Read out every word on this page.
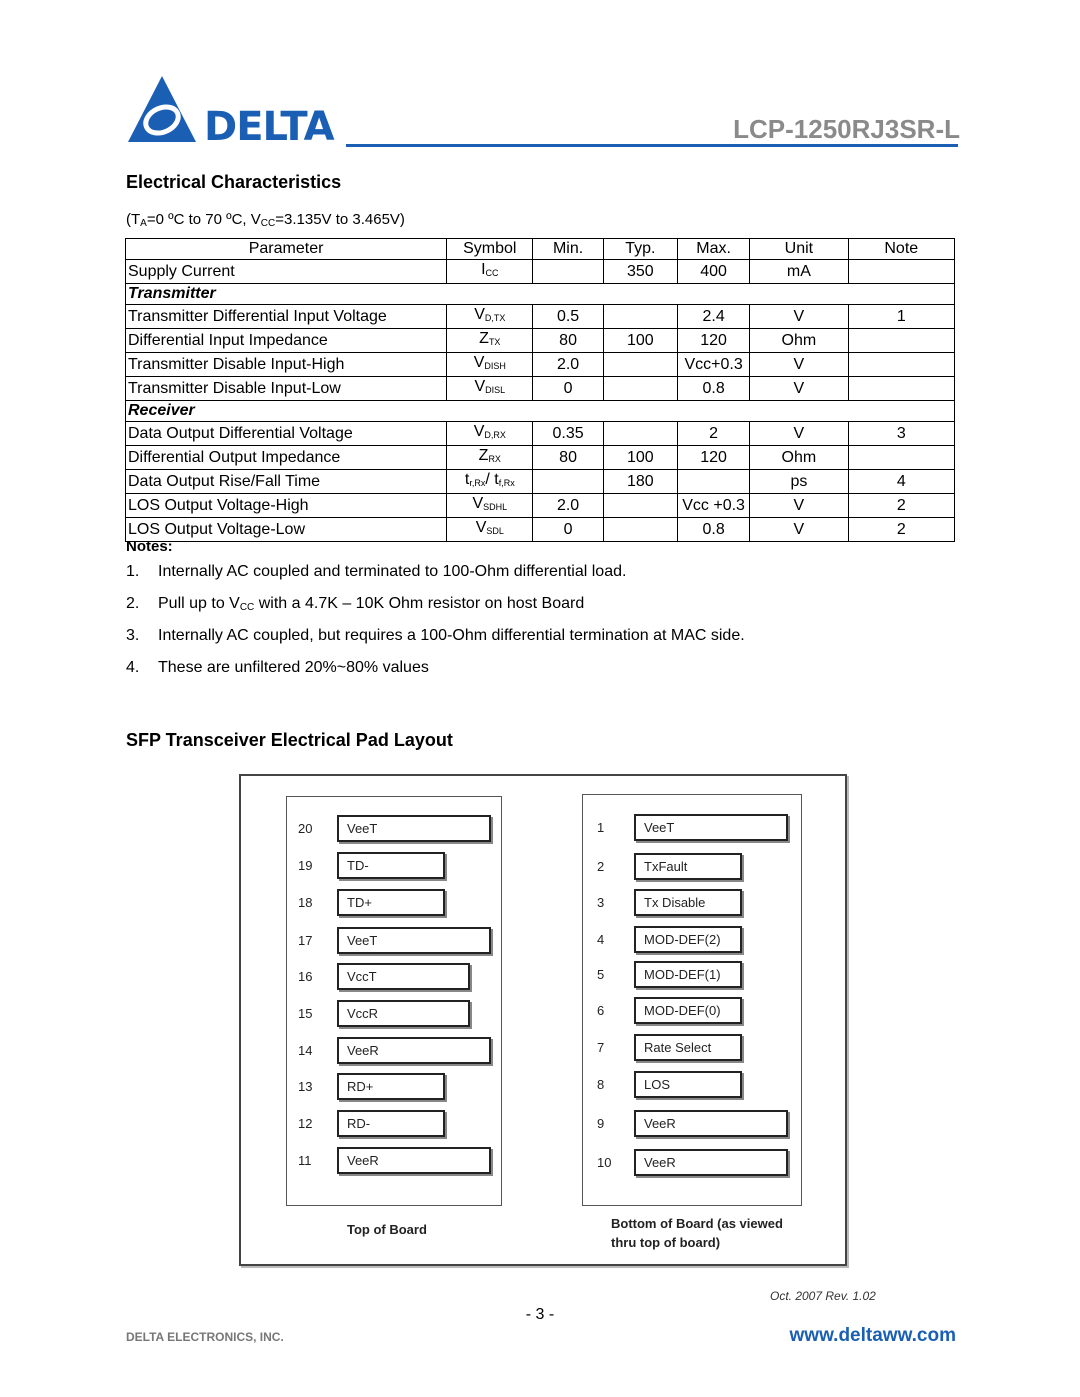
DELTA	LCP-1250RJ3SR-L
Electrical Characteristics
($T_A=0$ ºC to 70 ºC, $V_{CC}=3.135V$ to 3.465V)
Parameter	Symbol	Min.	Typ.	Max.	Unit	Note
Supply Current	$I_{CC}$		350	400	mA	
Transmitter						
Transmitter Differential Input Voltage	$V_{D,TX}$	0.5		2.4	V	1
Differential Input Impedance	$Z_{TX}$	80	100	120	Ohm	
Transmitter Disable Input-High	$V_{DISH}$	2.0		Vcc+0.3	V	
Transmitter Disable Input-Low	$V_{DISL}$	0		0.8	V	
Receiver						
Data Output Differential Voltage	$V_{D,RX}$	0.35		2	V	3
Differential Output Impedance	$Z_{RX}$	80	100	120	Ohm	
Data Output Rise/Fall Time	$t_{r,Rx}/$ $t_{f,Rx}$		180		ps	4
LOS Output Voltage-High	$V_{SDHL}$	2.0		Vcc +0.3	V	2
LOS Output Voltage-Low	$V_{SDL}$	0		0.8	V	2
Notes:
1. Internally AC coupled and terminated to 100-Ohm differential load.
2. Pull up to $V_{CC}$ with a 4.7K – 10K Ohm resistor on host Board
3. Internally AC coupled, but requires a 100-Ohm differential termination at MAC side.
4. These are unfiltered 20%~80% values
SFP Transceiver Electrical Pad Layout
20	VeeT
19	TD-
18	TD+
17	VeeT
16	VccT
15	VccR
14	VeeR
13	RD+
12	RD-
11	VeeR
1	VeeT
2	TxFault
3	Tx Disable
4	MOD-DEF(2)
5	MOD-DEF(1)
6	MOD-DEF(0)
7	Rate Select
8	LOS
9	VeeR
10	VeeR
Top of Board	Bottom of Board (as viewed
thru top of board)
Oct. 2007 Rev. 1.02
- 3 -
DELTA ELECTRONICS, INC.	www.deltaww.com
